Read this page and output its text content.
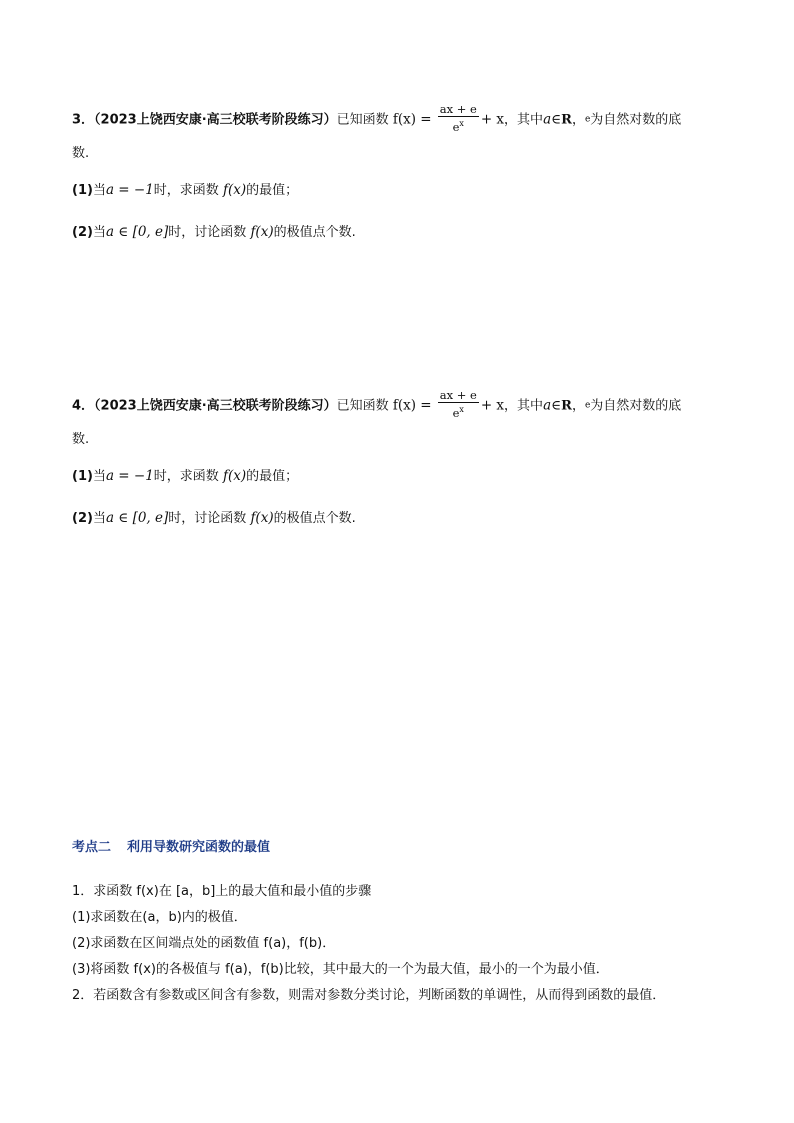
3．（2023上饶西安康·高三校联考阶段练习）已知函数 $f(x) = \frac{ax + e}{e^x} + x$，其中a∈R，e为自然对数的底
数.
(1)当a = −1时，求函数 f(x)的最值；
(2)当a ∈ [0, e]时，讨论函数 f(x)的极值点个数.
4．（2023上饶西安康·高三校联考阶段练习）已知函数 $f(x) = \frac{ax + e}{e^x} + x$，其中a∈R，e为自然对数的底
数.
(1)当a = −1时，求函数 f(x)的最值；
(2)当a ∈ [0, e]时，讨论函数 f(x)的极值点个数.
考点二 利用导数研究函数的最值
1．求函数 f(x)在 [a，b]上的最大值和最小值的步骤
(1)求函数在(a，b)内的极值．
(2)求函数在区间端点处的函数值 f(a)，f(b)．
(3)将函数 f(x)的各极值与 f(a)，f(b)比较，其中最大的一个为最大值，最小的一个为最小值．
2．若函数含有参数或区间含有参数，则需对参数分类讨论，判断函数的单调性，从而得到函数的最值．
